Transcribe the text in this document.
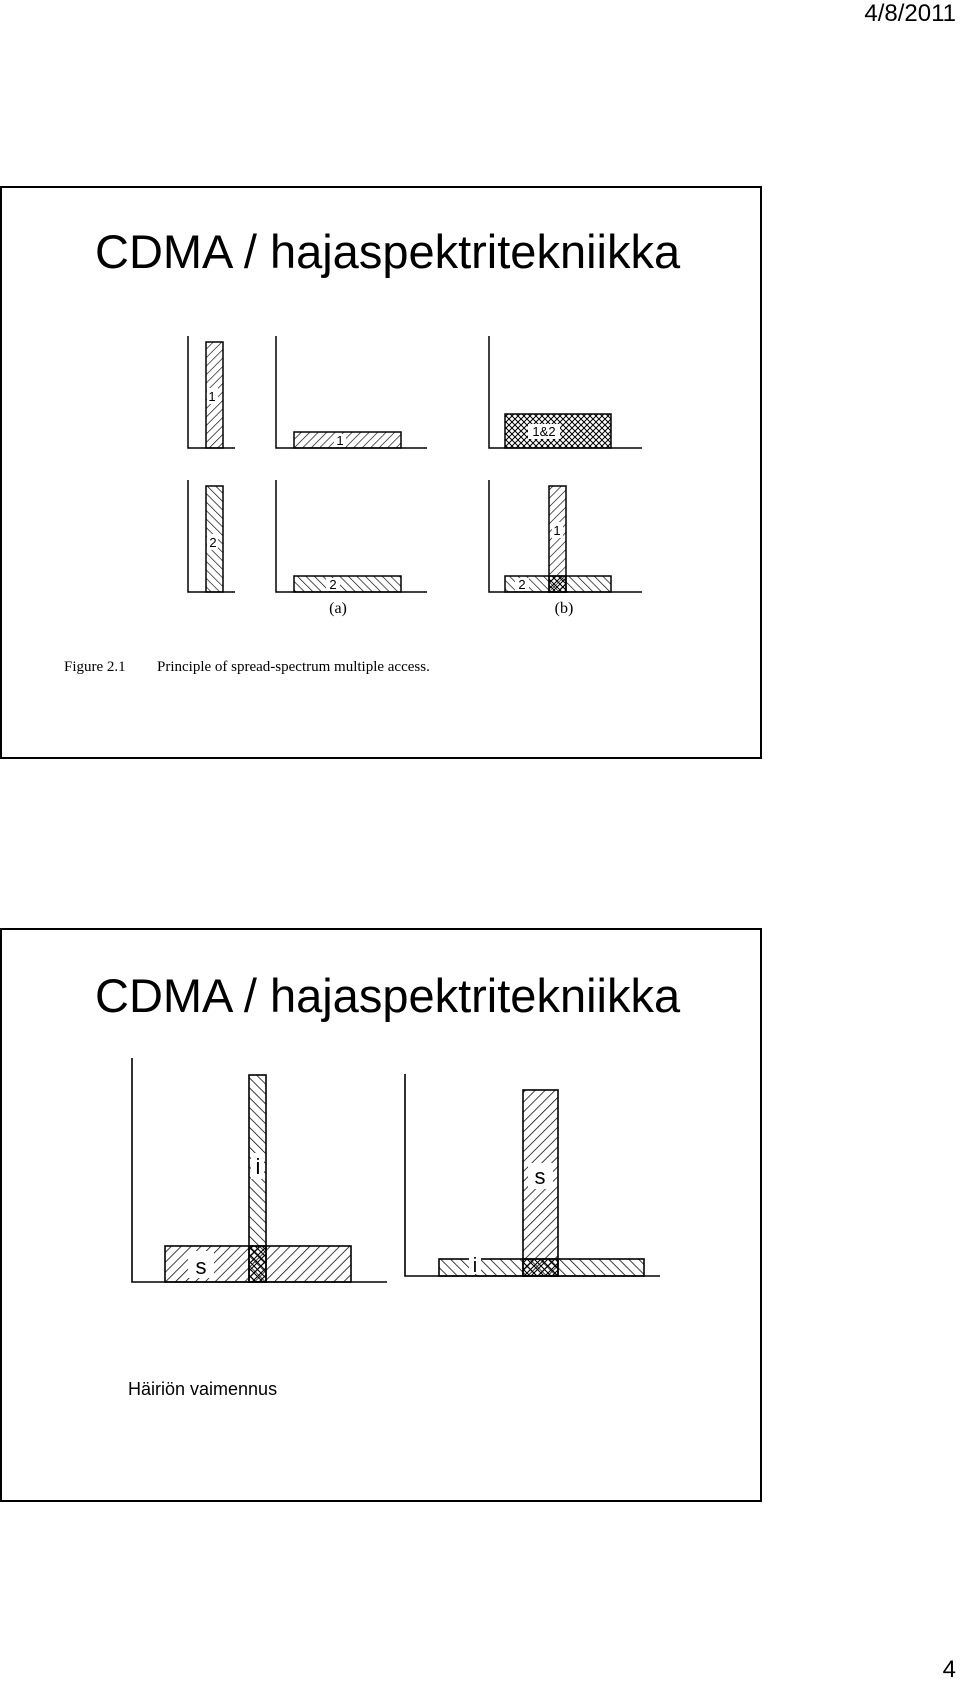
4/8/2011
CDMA / hajaspektritekniikka
1
1
1&2
2
2
1
2
(a)	(b)
Figure 2.1 Principle of spread-spectrum multiple access.
CDMA / hajaspektritekniikka
i
s
s
i
Häiriön vaimennus
4
